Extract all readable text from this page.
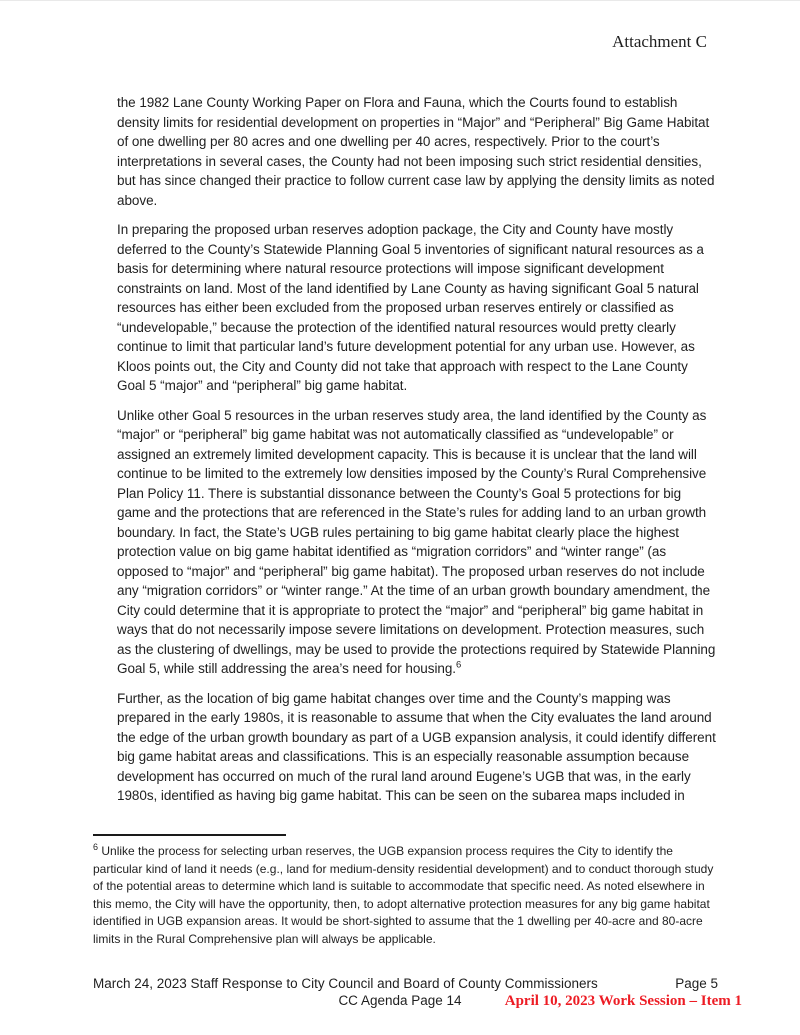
Attachment C

the 1982 Lane County Working Paper on Flora and Fauna, which the Courts found to establish density limits for residential development on properties in “Major” and “Peripheral” Big Game Habitat of one dwelling per 80 acres and one dwelling per 40 acres, respectively. Prior to the court’s interpretations in several cases, the County had not been imposing such strict residential densities, but has since changed their practice to follow current case law by applying the density limits as noted above.

In preparing the proposed urban reserves adoption package, the City and County have mostly deferred to the County’s Statewide Planning Goal 5 inventories of significant natural resources as a basis for determining where natural resource protections will impose significant development constraints on land. Most of the land identified by Lane County as having significant Goal 5 natural resources has either been excluded from the proposed urban reserves entirely or classified as “undevelopable,” because the protection of the identified natural resources would pretty clearly continue to limit that particular land’s future development potential for any urban use. However, as Kloos points out, the City and County did not take that approach with respect to the Lane County Goal 5 “major” and “peripheral” big game habitat.

Unlike other Goal 5 resources in the urban reserves study area, the land identified by the County as “major” or “peripheral” big game habitat was not automatically classified as “undevelopable” or assigned an extremely limited development capacity. This is because it is unclear that the land will continue to be limited to the extremely low densities imposed by the County’s Rural Comprehensive Plan Policy 11. There is substantial dissonance between the County’s Goal 5 protections for big game and the protections that are referenced in the State’s rules for adding land to an urban growth boundary. In fact, the State’s UGB rules pertaining to big game habitat clearly place the highest protection value on big game habitat identified as “migration corridors” and “winter range” (as opposed to “major” and “peripheral” big game habitat). The proposed urban reserves do not include any “migration corridors” or “winter range.” At the time of an urban growth boundary amendment, the City could determine that it is appropriate to protect the “major” and “peripheral” big game habitat in ways that do not necessarily impose severe limitations on development. Protection measures, such as the clustering of dwellings, may be used to provide the protections required by Statewide Planning Goal 5, while still addressing the area’s need for housing.$^6$

Further, as the location of big game habitat changes over time and the County’s mapping was prepared in the early 1980s, it is reasonable to assume that when the City evaluates the land around the edge of the urban growth boundary as part of a UGB expansion analysis, it could identify different big game habitat areas and classifications. This is an especially reasonable assumption because development has occurred on much of the rural land around Eugene’s UGB that was, in the early 1980s, identified as having big game habitat. This can be seen on the subarea maps included in

$^6$ Unlike the process for selecting urban reserves, the UGB expansion process requires the City to identify the particular kind of land it needs (e.g., land for medium-density residential development) and to conduct thorough study of the potential areas to determine which land is suitable to accommodate that specific need. As noted elsewhere in this memo, the City will have the opportunity, then, to adopt alternative protection measures for any big game habitat identified in UGB expansion areas. It would be short-sighted to assume that the 1 dwelling per 40-acre and 80-acre limits in the Rural Comprehensive plan will always be applicable.

March 24, 2023 Staff Response to City Council and Board of County Commissioners	Page 5
CC Agenda Page 14	April 10, 2023 Work Session – Item 1
